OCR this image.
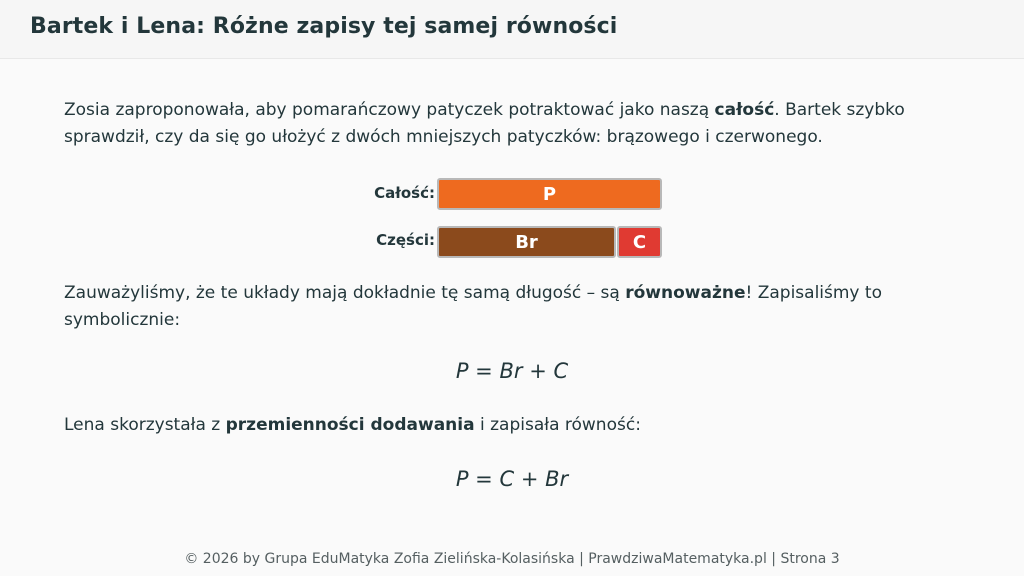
Bartek i Lena: Różne zapisy tej samej równości
Zosia zaproponowała, aby pomarańczowy patyczek potraktować jako naszą całość. Bartek szybko sprawdził, czy da się go ułożyć z dwóch mniejszych patyczków: brązowego i czerwonego.
Całość:	P
Części:	Br	C
Zauważyliśmy, że te układy mają dokładnie tę samą długość – są równoważne! Zapisaliśmy to symbolicznie:
P = Br + C
Lena skorzystała z przemienności dodawania i zapisała równość:
P = C + Br
© 2026 by Grupa EduMatyka Zofia Zielińska-Kolasińska | PrawdziwaMatematyka.pl | Strona 3
